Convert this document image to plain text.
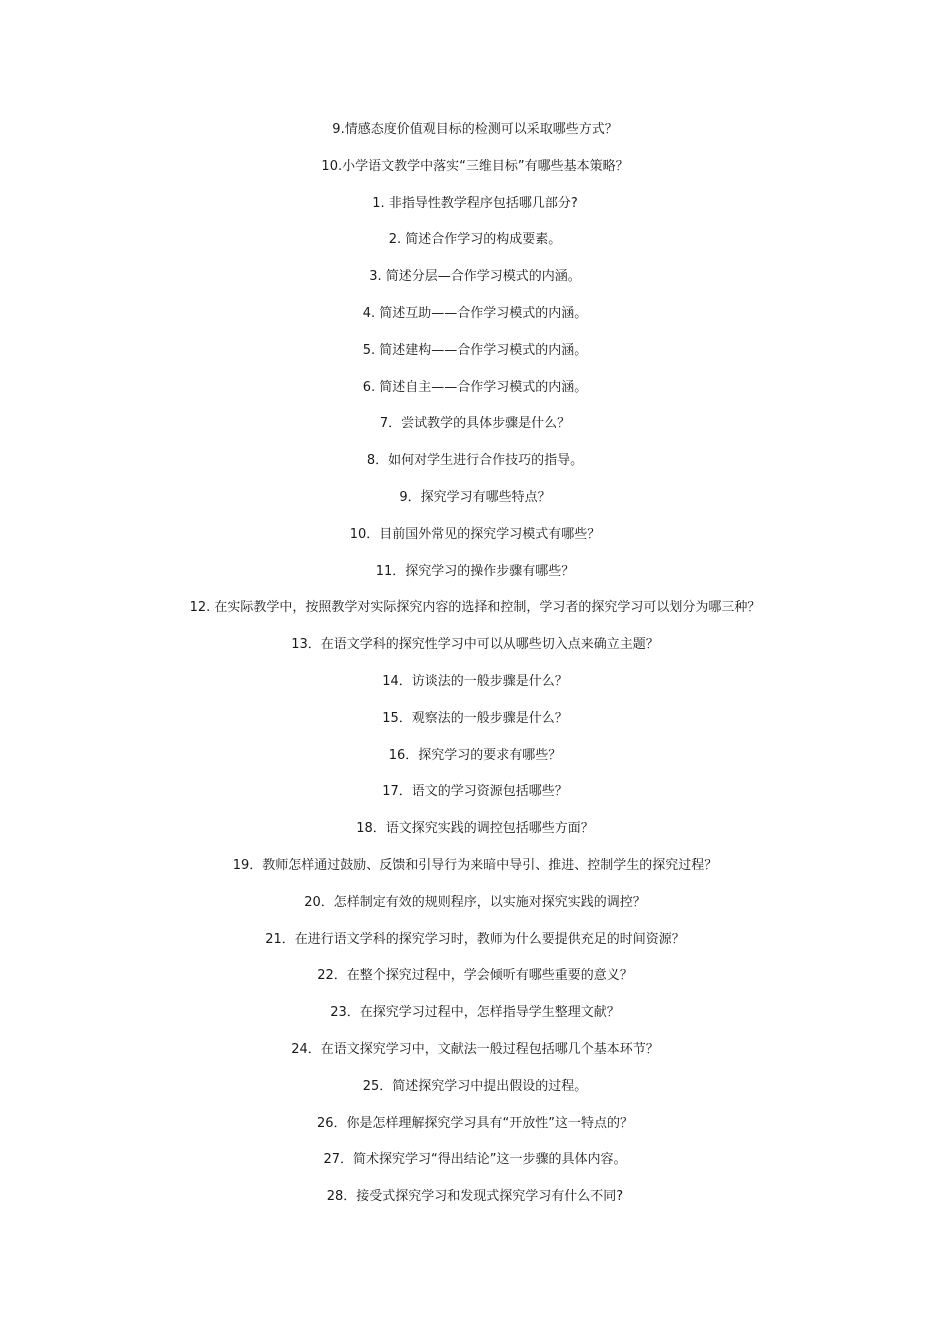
9.情感态度价值观目标的检测可以采取哪些方式？
10.小学语文教学中落实“三维目标”有哪些基本策略？
1. 非指导性教学程序包括哪几部分?
2. 简述合作学习的构成要素。
3. 简述分层—合作学习模式的内涵。
4. 简述互助——合作学习模式的内涵。
5. 简述建构——合作学习模式的内涵。
6. 简述自主——合作学习模式的内涵。
7．尝试教学的具体步骤是什么？
8．如何对学生进行合作技巧的指导。
9．探究学习有哪些特点？
10．目前国外常见的探究学习模式有哪些？
11．探究学习的操作步骤有哪些？
12. 在实际教学中，按照教学对实际探究内容的选择和控制，学习者的探究学习可以划分为哪三种？
13．在语文学科的探究性学习中可以从哪些切入点来确立主题？
14．访谈法的一般步骤是什么？
15．观察法的一般步骤是什么？
16．探究学习的要求有哪些？
17．语文的学习资源包括哪些？
18．语文探究实践的调控包括哪些方面？
19．教师怎样通过鼓励、反馈和引导行为来暗中导引、推进、控制学生的探究过程？
20．怎样制定有效的规则程序，以实施对探究实践的调控？
21．在进行语文学科的探究学习时，教师为什么要提供充足的时间资源？
22．在整个探究过程中，学会倾听有哪些重要的意义？
23．在探究学习过程中，怎样指导学生整理文献？
24．在语文探究学习中，文献法一般过程包括哪几个基本环节？
25．简述探究学习中提出假设的过程。
26．你是怎样理解探究学习具有“开放性”这一特点的？
27．简术探究学习“得出结论”这一步骤的具体内容。
28．接受式探究学习和发现式探究学习有什么不同?
